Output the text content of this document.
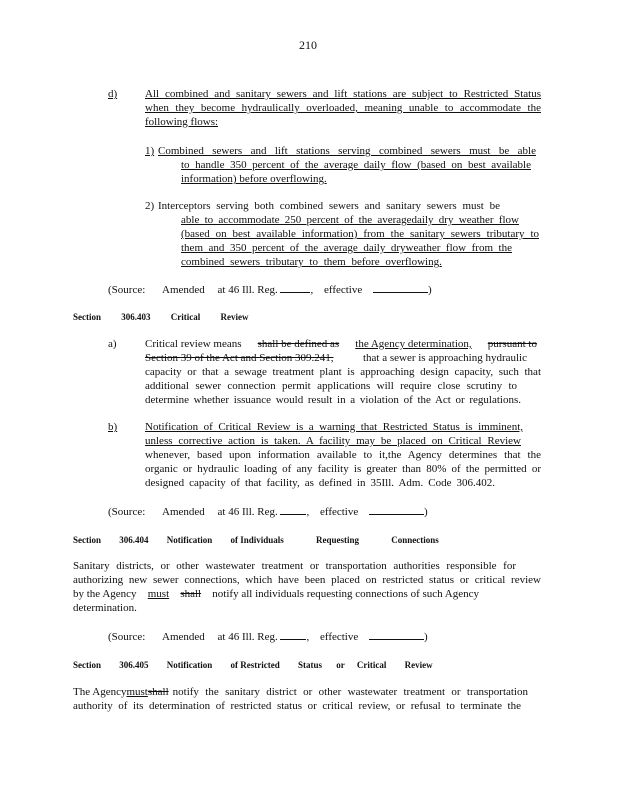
210
d)	All combined and sanitary sewers and lift stations are subject to Restricted Status
when they become hydraulically overloaded, meaning unable to accommodate the
following flows:
1) Combined sewers and lift stations serving combined sewers must be able
to handle 350 percent of the average daily flow (based on best available
information) before overflowing.
2) Interceptors serving both combined sewers and sanitary sewers must be
able to accommodate 250 percent of the averagedaily dry weather flow
(based on best available information) from the sanitary sewers tributary to
them and 350 percent of the average daily dryweather flow from the
combined sewers tributary to them before overflowing.
(Source: Amended at 46 Ill. Reg.	, effective	)
Section 306.403 Critical Review
a)	Critical review means shall be defined as the Agency determination, pursuant to
Section 39 of the Act and Section 309.241,	that a sewer is approaching hydraulic
capacity or that a sewage treatment plant is approaching design capacity, such that
additional sewer connection permit applications will require close scrutiny to
determine whether issuance would result in a violation of the Act or regulations.
b)	Notification of Critical Review is a warning that Restricted Status is imminent,
unless corrective action is taken. A facility may be placed on Critical Review
whenever, based upon information available to it,the Agency determines that the
organic or hydraulic loading of any facility is greater than 80% of the permitted or
designed capacity of that facility, as defined in 35Ill. Adm. Code 306.402.
(Source: Amended at 46 Ill. Reg.	, effective	)
Section 306.404 Notification of Individuals	Requesting	Connections
Sanitary districts, or other wastewater treatment or transportation authorities responsible for
authorizing new sewer connections, which have been placed on restricted status or critical review
by the Agency must shall notify all individuals requesting connections of such Agency
determination.
(Source: Amended at 46 Ill. Reg.	, effective	)
Section 306.405 Notification of Restricted Status or Critical Review
The Agency must shall notify the sanitary district or other wastewater treatment or transportation
authority of its determination of restricted status or critical review, or refusal to terminate the
